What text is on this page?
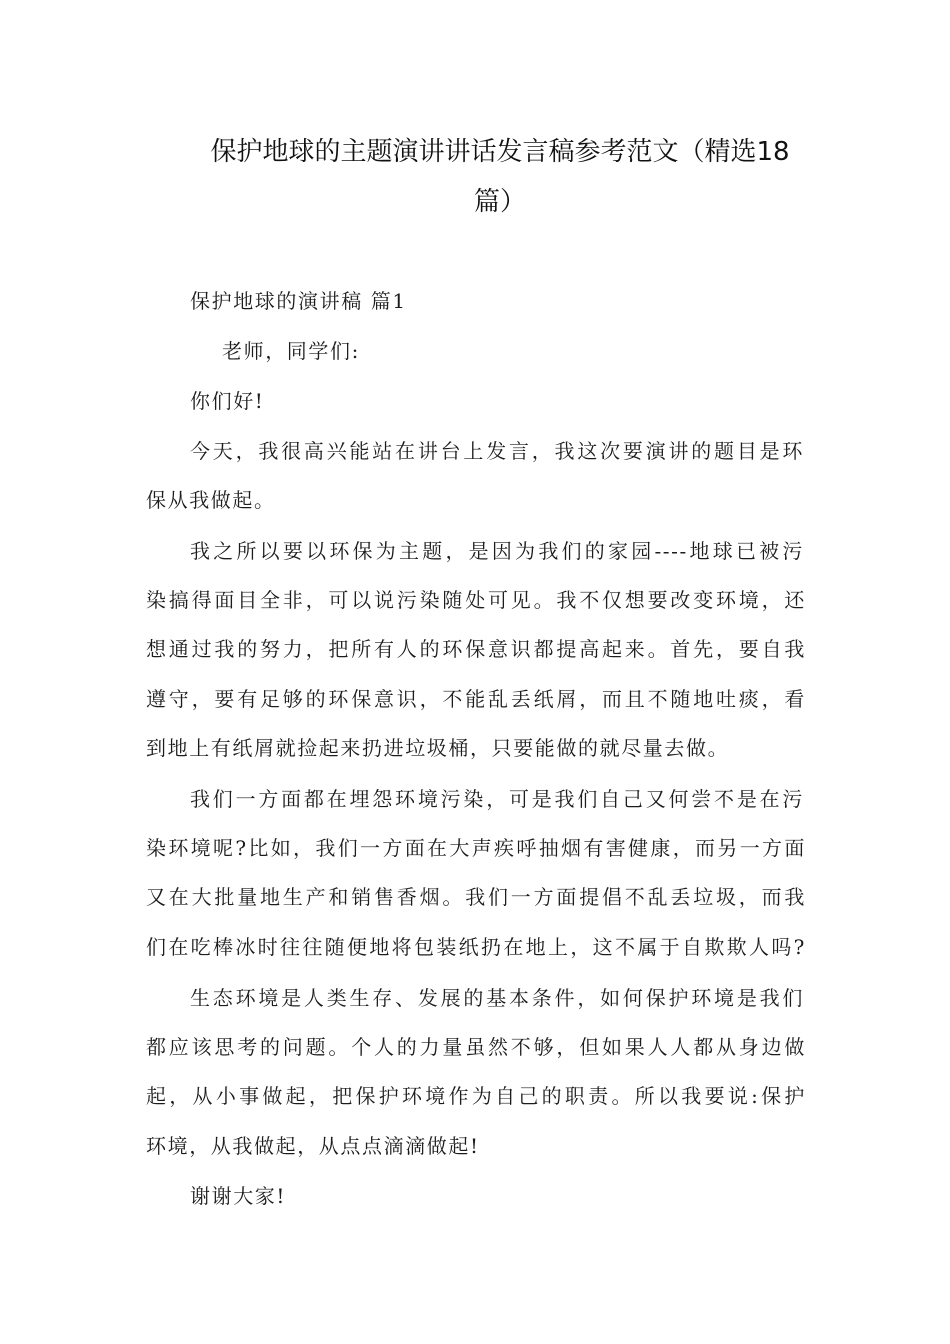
保护地球的主题演讲讲话发言稿参考范文（精选18
篇）

保护地球的演讲稿 篇1

老师，同学们:

你们好!

今天，我很高兴能站在讲台上发言，我这次要演讲的题目是环

保从我做起。

我之所以要以环保为主题，是因为我们的家园----地球已被污

染搞得面目全非，可以说污染随处可见。我不仅想要改变环境，还

想通过我的努力，把所有人的环保意识都提高起来。首先，要自我

遵守，要有足够的环保意识，不能乱丢纸屑，而且不随地吐痰，看

到地上有纸屑就捡起来扔进垃圾桶，只要能做的就尽量去做。

我们一方面都在埋怨环境污染，可是我们自己又何尝不是在污

染环境呢?比如，我们一方面在大声疾呼抽烟有害健康，而另一方面

又在大批量地生产和销售香烟。我们一方面提倡不乱丢垃圾，而我

们在吃棒冰时往往随便地将包装纸扔在地上，这不属于自欺欺人吗?

生态环境是人类生存、发展的基本条件，如何保护环境是我们

都应该思考的问题。个人的力量虽然不够，但如果人人都从身边做

起，从小事做起，把保护环境作为自己的职责。所以我要说:保护

环境，从我做起，从点点滴滴做起!

谢谢大家!
